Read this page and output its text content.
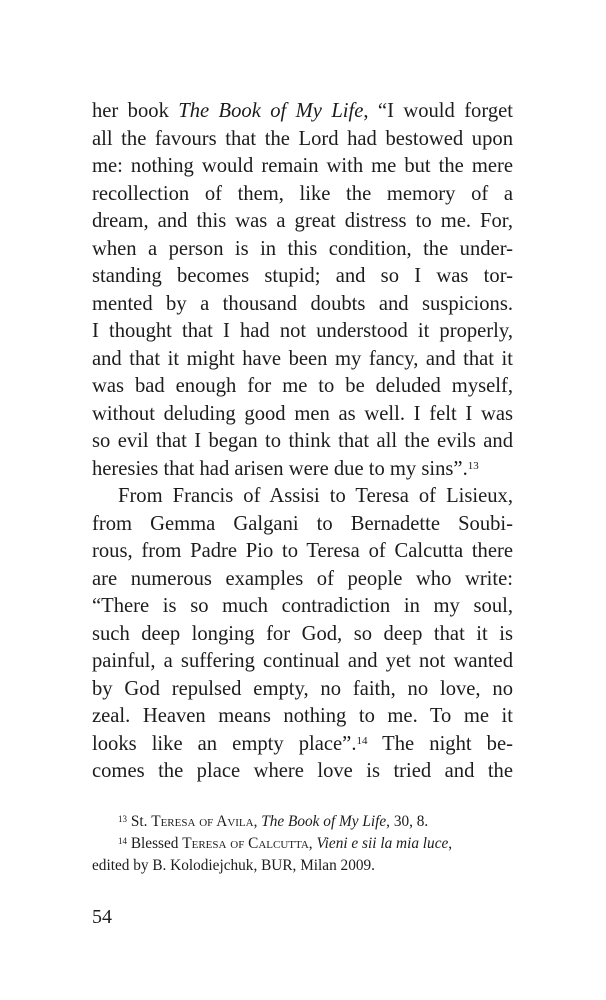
her book The Book of My Life, “I would forget
all the favours that the Lord had bestowed upon
me: nothing would remain with me but the mere
recollection of them, like the memory of a
dream, and this was a great distress to me. For,
when a person is in this condition, the under-
standing becomes stupid; and so I was tor-
mented by a thousand doubts and suspicions.
I thought that I had not understood it properly,
and that it might have been my fancy, and that it
was bad enough for me to be deluded myself,
without deluding good men as well. I felt I was
so evil that I began to think that all the evils and
heresies that had arisen were due to my sins”.$^{13}$
From Francis of Assisi to Teresa of Lisieux,
from Gemma Galgani to Bernadette Soubi-
rous, from Padre Pio to Teresa of Calcutta there
are numerous examples of people who write:
“There is so much contradiction in my soul,
such deep longing for God, so deep that it is
painful, a suffering continual and yet not wanted
by God repulsed empty, no faith, no love, no
zeal. Heaven means nothing to me. To me it
looks like an empty place”.$^{14}$ The night be-
comes the place where love is tried and the
$^{13}$ St. Teresa of Avila, The Book of My Life, 30, 8.
$^{14}$ Blessed Teresa of Calcutta, Vieni e sii la mia luce,
edited by B. Kolodiejchuk, BUR, Milan 2009.
54
